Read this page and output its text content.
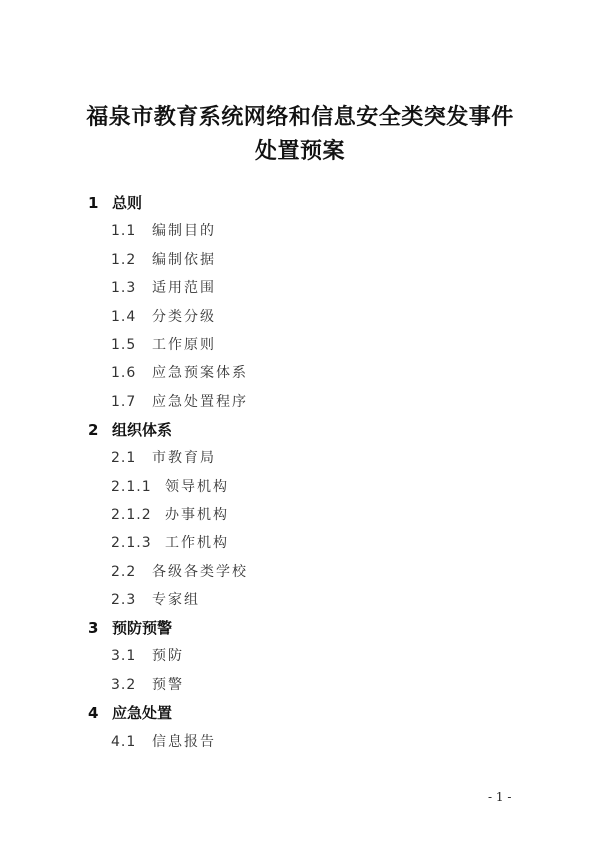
福泉市教育系统网络和信息安全类突发事件
处置预案
1 总则
1.1	编制目的
1.2	编制依据
1.3	适用范围
1.4	分类分级
1.5	工作原则
1.6	应急预案体系
1.7	应急处置程序
2 组织体系
2.1	市教育局
2.1.1 领导机构
2.1.2 办事机构
2.1.3 工作机构
2.2	各级各类学校
2.3	专家组
3 预防预警
3.1	预防
3.2	预警
4 应急处置
4.1	信息报告
- 1 -
